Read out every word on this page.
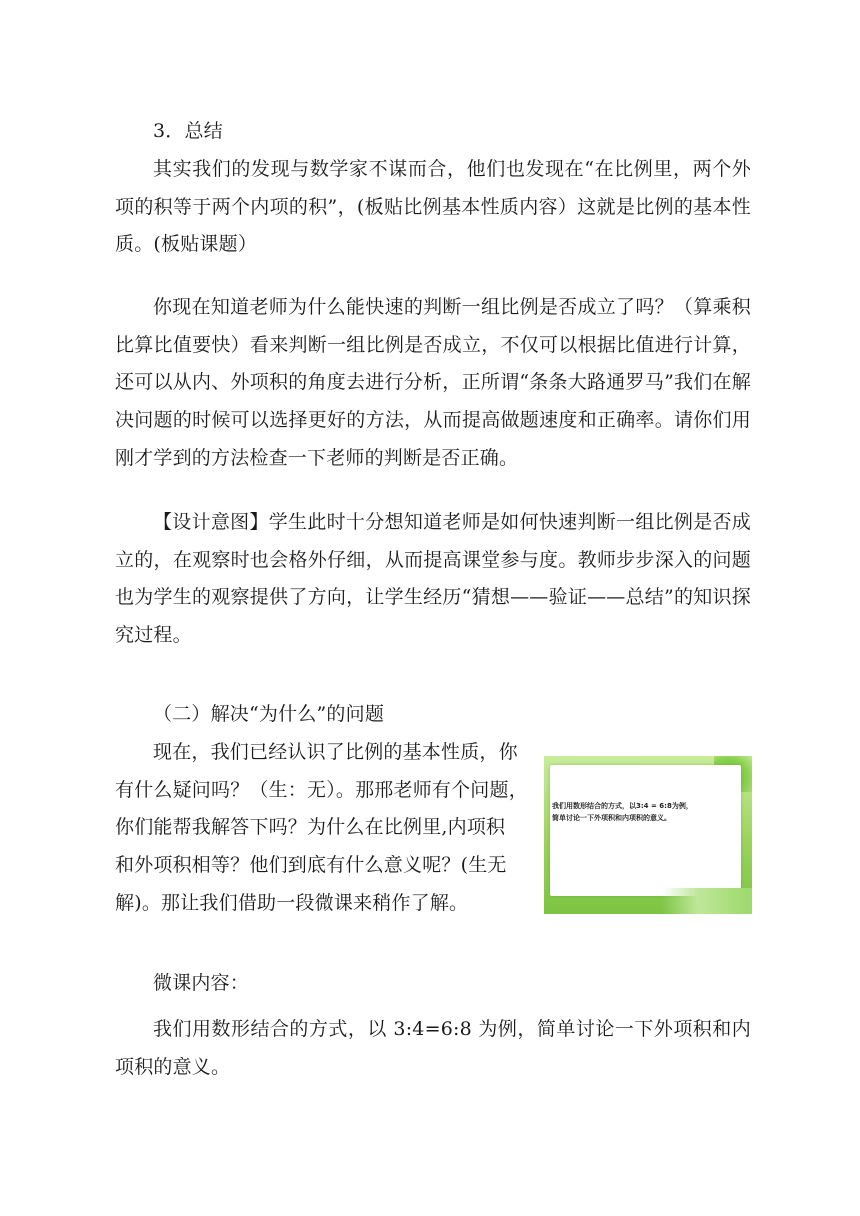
3．总结

其实我们的发现与数学家不谋而合，他们也发现在“在比例里，两个外项的积等于两个内项的积”，(板贴比例基本性质内容）这就是比例的基本性质。(板贴课题）

你现在知道老师为什么能快速的判断一组比例是否成立了吗？（算乘积比算比值要快）看来判断一组比例是否成立，不仅可以根据比值进行计算，还可以从内、外项积的角度去进行分析，正所谓“条条大路通罗马”我们在解决问题的时候可以选择更好的方法，从而提高做题速度和正确率。请你们用刚才学到的方法检查一下老师的判断是否正确。

【设计意图】学生此时十分想知道老师是如何快速判断一组比例是否成立的，在观察时也会格外仔细，从而提高课堂参与度。教师步步深入的问题也为学生的观察提供了方向，让学生经历“猜想——验证——总结”的知识探究过程。

（二）解决“为什么”的问题

现在，我们已经认识了比例的基本性质，你
有什么疑问吗？（生：无）。那邢老师有个问题，
你们能帮我解答下吗？为什么在比例里,内项积
和外项积相等？他们到底有什么意义呢？(生无
解)。那让我们借助一段微课来稍作了解。
我们用数形结合的方式，以3:4 = 6:8为例，
简单讨论一下外项积和内项积的意义。

微课内容：

我们用数形结合的方式，以 3:4=6:8 为例，简单讨论一下外项积和内项积的意义。
